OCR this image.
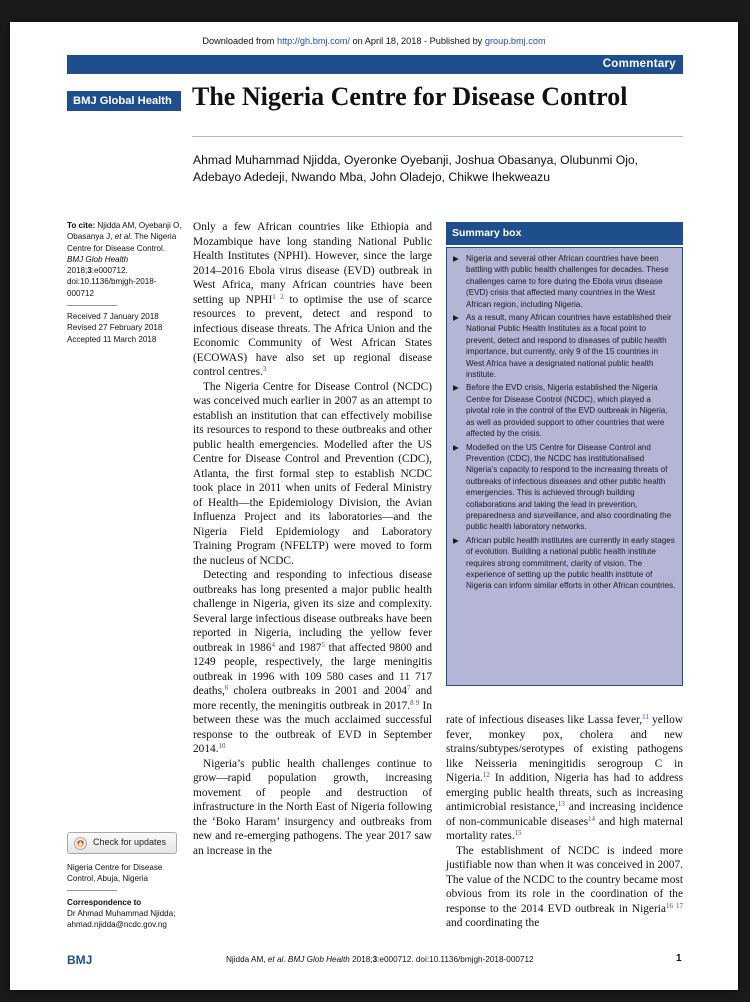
Downloaded from http://gh.bmj.com/ on April 18, 2018 - Published by group.bmj.com
Commentary
BMJ Global Health The Nigeria Centre for Disease Control
Ahmad Muhammad Njidda, Oyeronke Oyebanji, Joshua Obasanya, Olubunmi Ojo, Adebayo Adedeji, Nwando Mba, John Oladejo, Chikwe Ihekweazu
To cite: Njidda AM, Oyebanji O, Obasanya J, et al. The Nigeria Centre for Disease Control. BMJ Glob Health 2018;3:e000712. doi:10.1136/bmjgh-2018-000712
Received 7 January 2018
Revised 27 February 2018
Accepted 11 March 2018
Check for updates
Nigeria Centre for Disease Control, Abuja, Nigeria
Correspondence to
Dr Ahmad Muhammad Njidda;
ahmad.njidda@ncdc.gov.ng

Only a few African countries like Ethiopia and Mozambique have long standing National Public Health Institutes (NPHI). However, since the large 2014–2016 Ebola virus disease (EVD) outbreak in West Africa, many African countries have been setting up $NPHI^{1 2}$ to optimise the use of scarce resources to prevent, detect and respond to infectious disease threats. The Africa Union and the Economic Community of West African States (ECOWAS) have also set up regional disease control centres.$^3$

The Nigeria Centre for Disease Control (NCDC) was conceived much earlier in 2007 as an attempt to establish an institution that can effectively mobilise its resources to respond to these outbreaks and other public health emergencies. Modelled after the US Centre for Disease Control and Prevention (CDC), Atlanta, the first formal step to establish NCDC took place in 2011 when units of Federal Ministry of Health—the Epidemiology Division, the Avian Influenza Project and its laboratories—and the Nigeria Field Epidemiology and Laboratory Training Program (NFELTP) were moved to form the nucleus of NCDC.

Detecting and responding to infectious disease outbreaks has long presented a major public health challenge in Nigeria, given its size and complexity. Several large infectious disease outbreaks have been reported in Nigeria, including the yellow fever outbreak in 1986$^4$ and 1987$^5$ that affected 9800 and 1249 people, respectively, the large meningitis outbreak in 1996 with 109 580 cases and 11 717 deaths,$^6$ cholera outbreaks in 2001 and 2004$^7$ and more recently, the meningitis outbreak in 2017.$^{8 9}$ In between these was the much acclaimed successful response to the outbreak of EVD in September 2014.10

Nigeria’s public health challenges continue to grow—rapid population growth, increasing movement of people and destruction of infrastructure in the North East of Nigeria following the ‘Boko Haram’ insurgency and outbreaks from new and re-emerging pathogens. The year 2017 saw an increase in the

Summary box
▶ Nigeria and several other African countries have been battling with public health challenges for decades. These challenges came to fore during the Ebola virus disease (EVD) crisis that affected many countries in the West African region, including Nigeria.
▶ As a result, many African countries have established their National Public Health Institutes as a focal point to prevent, detect and respond to diseases of public health importance, but currently, only 9 of the 15 countries in West Africa have a designated national public health institute.
▶ Before the EVD crisis, Nigeria established the Nigeria Centre for Disease Control (NCDC), which played a pivotal role in the control of the EVD outbreak in Nigeria, as well as provided support to other countries that were affected by the crisis.
▶ Modelled on the US Centre for Disease Control and Prevention (CDC), the NCDC has institutionalised Nigeria’s capacity to respond to the increasing threats of outbreaks of infectious diseases and other public health emergencies. This is achieved through building collaborations and taking the lead in prevention, preparedness and surveillance, and also coordinating the public health laboratory networks.
▶ African public health institutes are currently in early stages of evolution. Building a national public health institute requires strong commitment, clarity of vision. The experience of setting up the public health institute of Nigeria can inform similar efforts in other African countries.

rate of infectious diseases like Lassa fever,$^{11}$ yellow fever, monkey pox, cholera and new strains/subtypes/serotypes of existing pathogens like Neisseria meningitidis serogroup C in Nigeria.$^{12}$ In addition, Nigeria has had to address emerging public health threats, such as increasing antimicrobial resistance,$^{13}$ and increasing incidence of non-communicable diseases$^{14}$ and high maternal mortality rates.$^{15}$

The establishment of NCDC is indeed more justifiable now than when it was conceived in 2007. The value of the NCDC to the country became most obvious from its role in the coordination of the response to the 2014 EVD outbreak in Nigeria$^{16 17}$ and coordinating the

BMJ	Njidda AM, et al. BMJ Glob Health 2018;3:e000712. doi:10.1136/bmjgh-2018-000712	1
